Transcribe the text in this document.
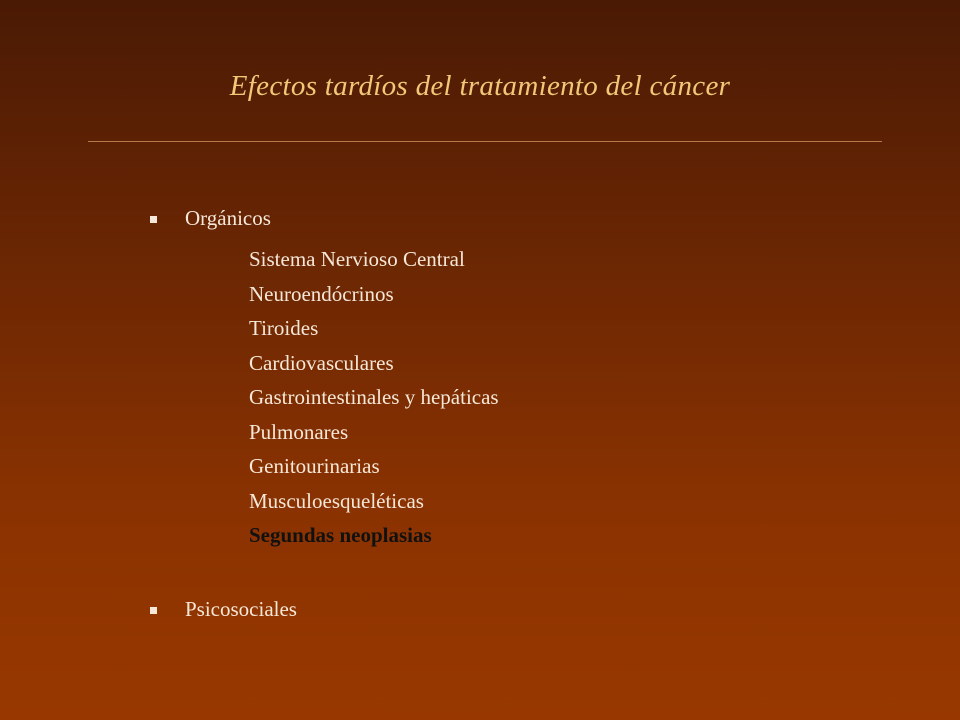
Efectos tardíos del tratamiento del cáncer
Orgánicos
Sistema Nervioso Central
Neuroendócrinos
Tiroides
Cardiovasculares
Gastrointestinales y hepáticas
Pulmonares
Genitourinarias
Musculoesqueléticas
Segundas neoplasias
Psicosociales
